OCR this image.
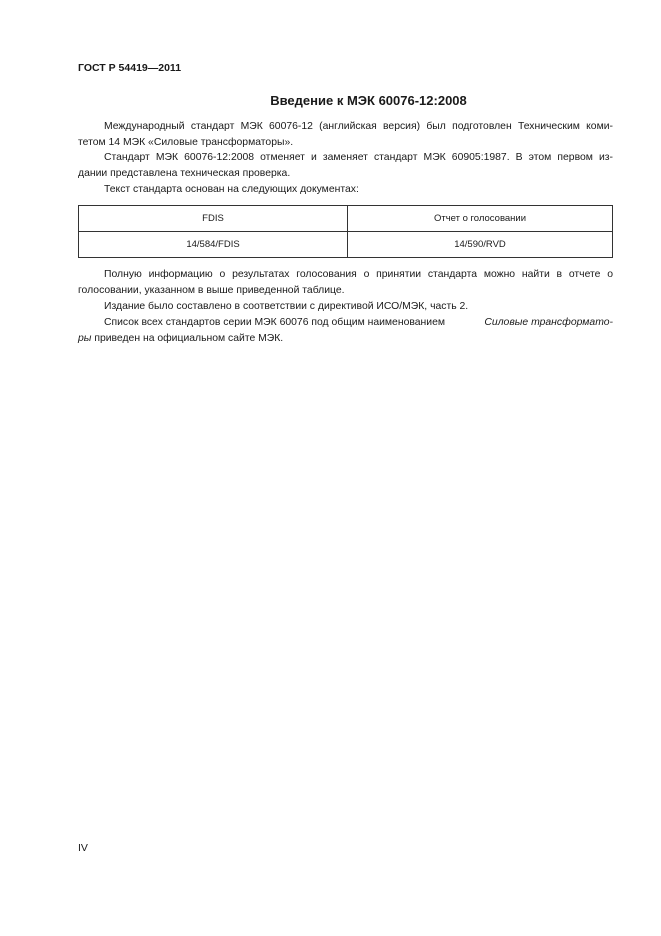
ГОСТ Р 54419—2011
Введение к МЭК 60076-12:2008
Международный стандарт МЭК 60076-12 (английская версия) был подготовлен Техническим коми-
тетом 14 МЭК «Силовые трансформаторы».
Стандарт МЭК 60076-12:2008 отменяет и заменяет стандарт МЭК 60905:1987. В этом первом из-
дании представлена техническая проверка.
Текст стандарта основан на следующих документах:
FDIS	Отчет о голосовании
14/584/FDIS	14/590/RVD
Полную информацию о результатах голосования о принятии стандарта можно найти в отчете о
голосовании, указанном в выше приведенной таблице.
Издание было составлено в соответствии с директивой ИСО/МЭК, часть 2.
Список всех стандартов серии МЭК 60076 под общим наименованием	Силовые трансформато-
ры приведен на официальном сайте МЭК.
IV
